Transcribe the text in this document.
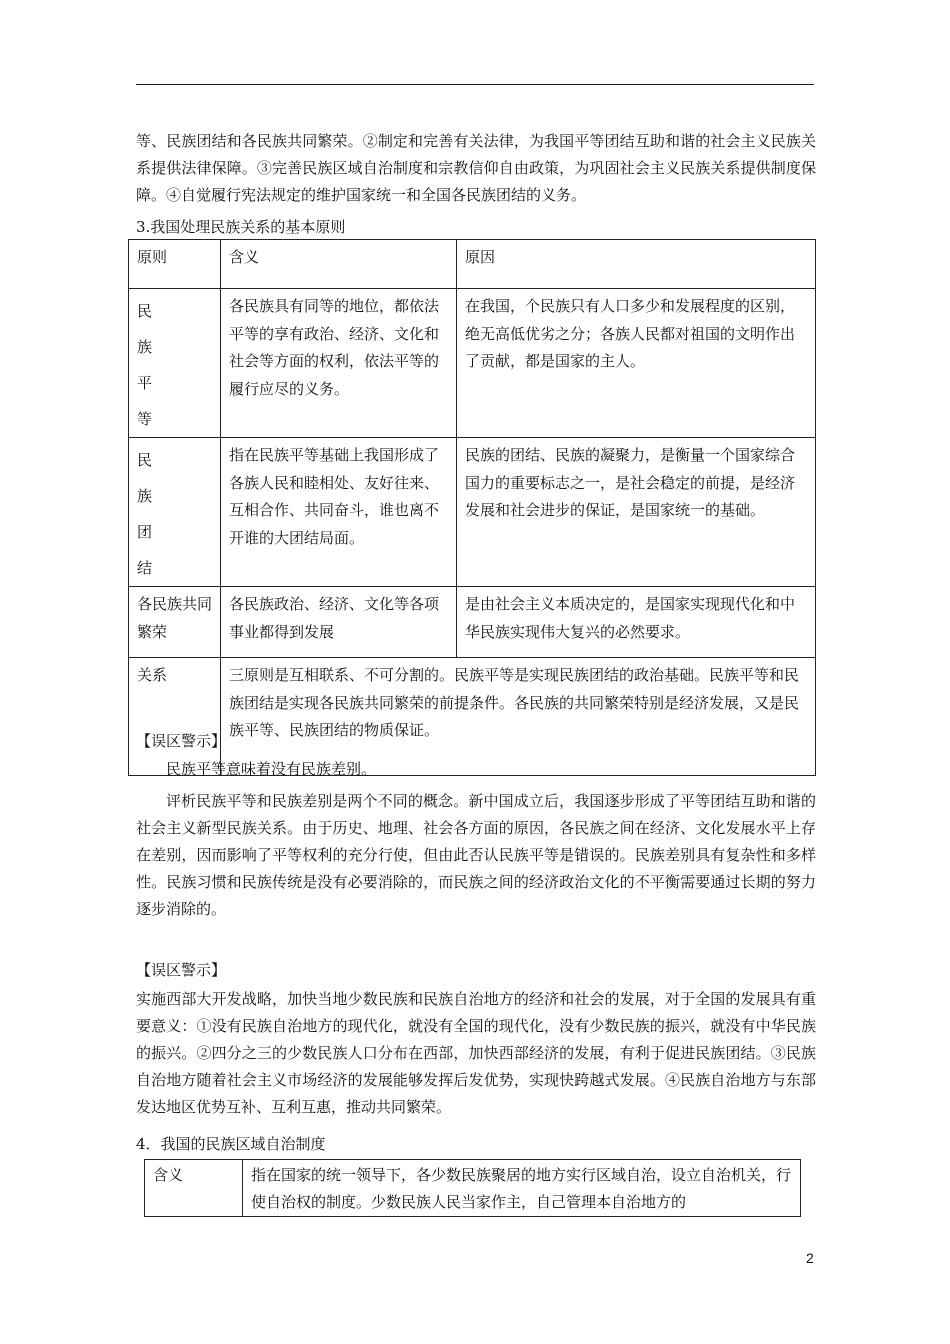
等、民族团结和各民族共同繁荣。②制定和完善有关法律，为我国平等团结互助和谐的社会主义民族关系提供法律保障。③完善民族区域自治制度和宗教信仰自由政策，为巩固社会主义民族关系提供制度保障。④自觉履行宪法规定的维护国家统一和全国各民族团结的义务。
3.我国处理民族关系的基本原则
原则	含义	原因

民族平等	各民族具有同等的地位，都依法平等的享有政治、经济、文化和社会等方面的权利，依法平等的履行应尽的义务。	在我国，个民族只有人口多少和发展程度的区别，绝无高低优劣之分；各族人民都对祖国的文明作出了贡献，都是国家的主人。

民族团结	指在民族平等基础上我国形成了各族人民和睦相处、友好往来、互相合作、共同奋斗，谁也离不开谁的大团结局面。	民族的团结、民族的凝聚力，是衡量一个国家综合国力的重要标志之一，是社会稳定的前提，是经济发展和社会进步的保证，是国家统一的基础。
各民族共同繁荣	各民族政治、经济、文化等各项事业都得到发展	是由社会主义本质决定的，是国家实现现代化和中华民族实现伟大复兴的必然要求。
关系	三原则是互相联系、不可分割的。民族平等是实现民族团结的政治基础。民族平等和民族团结是实现各民族共同繁荣的前提条件。各民族的共同繁荣特别是经济发展，又是民族平等、民族团结的物质保证。	
【误区警示】
民族平等意味着没有民族差别。
评析民族平等和民族差别是两个不同的概念。新中国成立后，我国逐步形成了平等团结互助和谐的社会主义新型民族关系。由于历史、地理、社会各方面的原因，各民族之间在经济、文化发展水平上存在差别，因而影响了平等权利的充分行使，但由此否认民族平等是错误的。民族差别具有复杂性和多样性。民族习惯和民族传统是没有必要消除的，而民族之间的经济政治文化的不平衡需要通过长期的努力逐步消除的。
【误区警示】
实施西部大开发战略，加快当地少数民族和民族自治地方的经济和社会的发展，对于全国的发展具有重要意义：①没有民族自治地方的现代化，就没有全国的现代化，没有少数民族的振兴，就没有中华民族的振兴。②四分之三的少数民族人口分布在西部，加快西部经济的发展，有利于促进民族团结。③民族自治地方随着社会主义市场经济的发展能够发挥后发优势，实现快跨越式发展。④民族自治地方与东部发达地区优势互补、互利互惠，推动共同繁荣。
4．我国的民族区域自治制度
含义	指在国家的统一领导下，各少数民族聚居的地方实行区域自治，设立自治机关，行使自治权的制度。少数民族人民当家作主，自己管理本自治地方的
2
